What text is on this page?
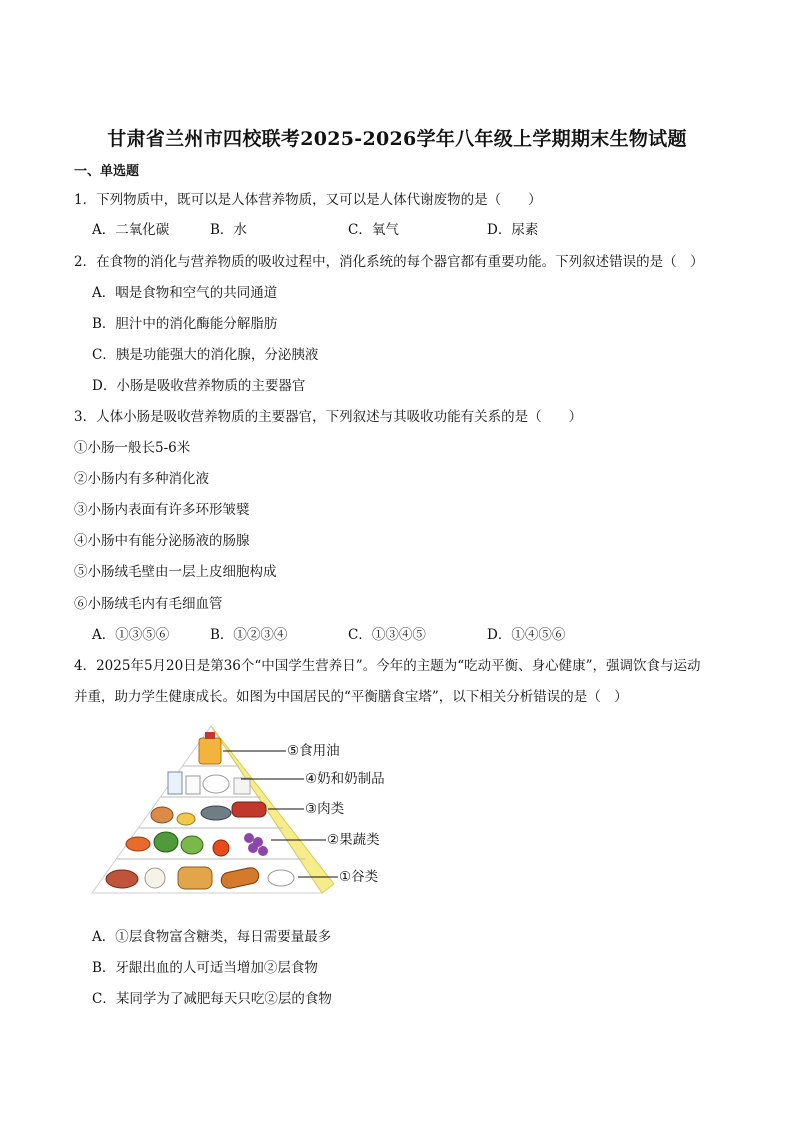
甘肃省兰州市四校联考2025-2026学年八年级上学期期末生物试题
一、单选题
1．下列物质中，既可以是人体营养物质，又可以是人体代谢废物的是（　　）
A．二氧化碳	B．水	C．氧气	D．尿素
2．在食物的消化与营养物质的吸收过程中，消化系统的每个器官都有重要功能。下列叙述错误的是（　）
A．咽是食物和空气的共同通道
B．胆汁中的消化酶能分解脂肪
C．胰是功能强大的消化腺，分泌胰液
D．小肠是吸收营养物质的主要器官
3．人体小肠是吸收营养物质的主要器官，下列叙述与其吸收功能有关系的是（　　）
①小肠一般长5-6米
②小肠内有多种消化液
③小肠内表面有许多环形皱襞
④小肠中有能分泌肠液的肠腺
⑤小肠绒毛壁由一层上皮细胞构成
⑥小肠绒毛内有毛细血管
A．①③⑤⑥	B．①②③④	C．①③④⑤	D．①④⑤⑥
4．2025年5月20日是第36个“中国学生营养日”。今年的主题为“吃动平衡、身心健康”，强调饮食与运动
并重，助力学生健康成长。如图为中国居民的“平衡膳食宝塔”，以下相关分析错误的是（　）
⑤食用油
④奶和奶制品
③肉类
②果蔬类
①谷类
A．①层食物富含糖类，每日需要量最多
B．牙龈出血的人可适当增加②层食物
C．某同学为了减肥每天只吃②层的食物
